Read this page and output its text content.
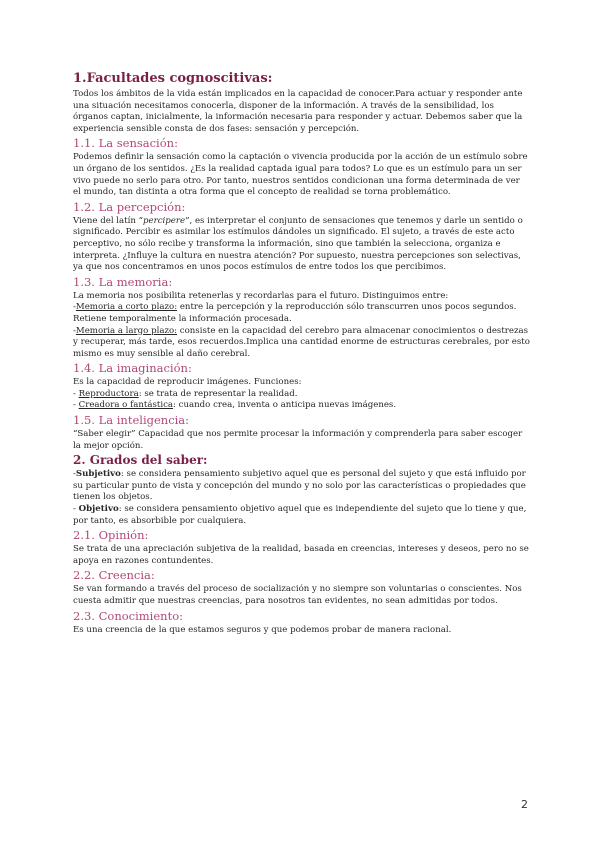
1.Facultades cognoscitivas:

Todos los ámbitos de la vida están implicados en la capacidad de conocer.Para actuar y responder ante una situación necesitamos conocerla, disponer de la información. A través de la sensibilidad, los órganos captan, inicialmente, la información necesaria para responder y actuar. Debemos saber que la experiencia sensible consta de dos fases: sensación y percepción.

1.1. La sensación:

Podemos definir la sensación como la captación o vivencia producida por la acción de un estímulo sobre un órgano de los sentidos. ¿Es la realidad captada igual para todos? Lo que es un estímulo para un ser vivo puede no serlo para otro. Por tanto, nuestros sentidos condicionan una forma determinada de ver el mundo, tan distinta a otra forma que el concepto de realidad se torna problemático.

1.2. La percepción:

Viene del latín “percipere”, es interpretar el conjunto de sensaciones que tenemos y darle un sentido o significado. Percibir es asimilar los estímulos dándoles un significado. El sujeto, a través de este acto perceptivo, no sólo recibe y transforma la información, sino que también la selecciona, organiza e interpreta. ¿Influye la cultura en nuestra atención? Por supuesto, nuestra percepciones son selectivas, ya que nos concentramos en unos pocos estímulos de entre todos los que percibimos.

1.3. La memoria:

La memoria nos posibilita retenerlas y recordarlas para el futuro. Distinguimos entre:

-Memoria a corto plazo: entre la percepción y la reproducción sólo transcurren unos pocos segundos. Retiene temporalmente la información procesada.

-Memoria a largo plazo: consiste en la capacidad del cerebro para almacenar conocimientos o destrezas y recuperar, más tarde, esos recuerdos.Implica una cantidad enorme de estructuras cerebrales, por esto mismo es muy sensible al daño cerebral.

1.4. La imaginación:

Es la capacidad de reproducir imágenes. Funciones:

- Reproductora: se trata de representar la realidad.

- Creadora o fantástica: cuando crea, inventa o anticipa nuevas imágenes.

1.5. La inteligencia:

“Saber elegir” Capacidad que nos permite procesar la información y comprenderla para saber escoger la mejor opción.

2. Grados del saber:

-Subjetivo: se considera pensamiento subjetivo aquel que es personal del sujeto y que está influido por su particular punto de vista y concepción del mundo y no solo por las características o propiedades que tienen los objetos.

- Objetivo: se considera pensamiento objetivo aquel que es independiente del sujeto que lo tiene y que, por tanto, es absorbible por cualquiera.

2.1. Opinión:

Se trata de una apreciación subjetiva de la realidad, basada en creencias, intereses y deseos, pero no se apoya en razones contundentes.

2.2. Creencia:

Se van formando a través del proceso de socialización y no siempre son voluntarias o conscientes. Nos cuesta admitir que nuestras creencias, para nosotros tan evidentes, no sean admitidas por todos.

2.3. Conocimiento:

Es una creencia de la que estamos seguros y que podemos probar de manera racional.

2
